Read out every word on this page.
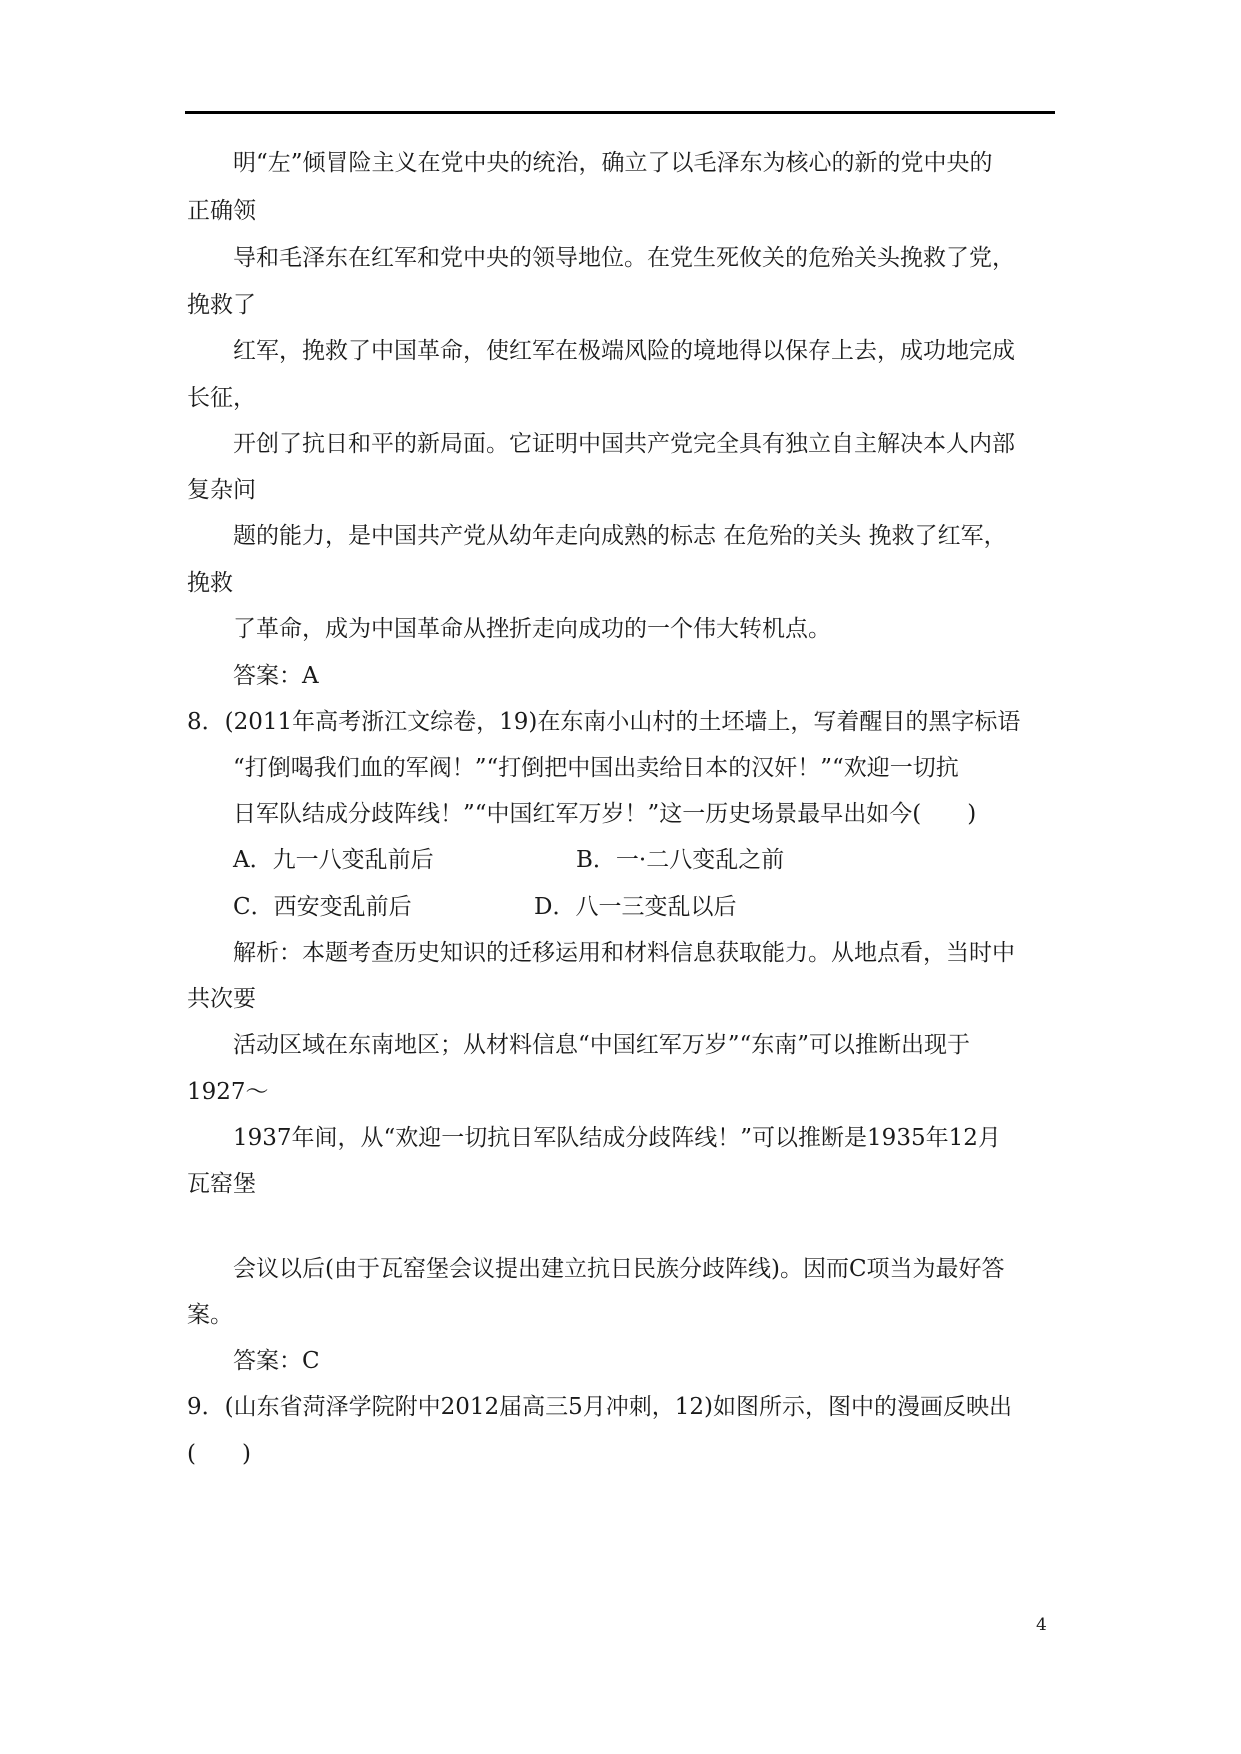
明“左”倾冒险主义在党中央的统治，确立了以毛泽东为核心的新的党中央的
正确领
导和毛泽东在红军和党中央的领导地位。在党生死攸关的危殆关头挽救了党，
挽救了
红军，挽救了中国革命，使红军在极端风险的境地得以保存上去，成功地完成
长征，
开创了抗日和平的新局面。它证明中国共产党完全具有独立自主解决本人内部
复杂问
题的能力，是中国共产党从幼年走向成熟的标志 在危殆的关头 挽救了红军，
挽救
了革命，成为中国革命从挫折走向成功的一个伟大转机点。
答案：A
8．(2011年高考浙江文综卷，19)在东南小山村的土坯墙上，写着醒目的黑字标语
“打倒喝我们血的军阀！”“打倒把中国出卖给日本的汉奸！”“欢迎一切抗
日军队结成分歧阵线！”“中国红军万岁！”这一历史场景最早出如今(　　)
A．九一八变乱前后	B．一·二八变乱之前
C．西安变乱前后	D．八一三变乱以后
解析：本题考查历史知识的迁移运用和材料信息获取能力。从地点看，当时中
共次要
活动区域在东南地区；从材料信息“中国红军万岁”“东南”可以推断出现于
1927～
1937年间，从“欢迎一切抗日军队结成分歧阵线！”可以推断是1935年12月
瓦窑堡
会议以后(由于瓦窑堡会议提出建立抗日民族分歧阵线)。因而C项当为最好答
案。
答案：C
9．(山东省菏泽学院附中2012届高三5月冲刺，12)如图所示，图中的漫画反映出
(　　)
4
